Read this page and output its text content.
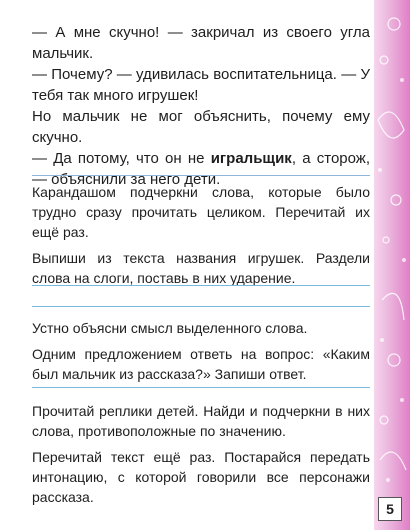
— А мне скучно! — закричал из своего угла мальчик.

— Почему? — удивилась воспитательница. — У тебя так много игрушек!

Но мальчик не мог объяснить, почему ему скучно.

— Да потому, что он не игральщик, а сторож, — объяснили за него дети.

Карандашом подчеркни слова, которые было трудно сразу прочитать целиком. Перечитай их ещё раз.

Выпиши из текста названия игрушек. Раздели слова на слоги, поставь в них ударение.

Устно объясни смысл выделенного слова.

Одним предложением ответь на вопрос: «Каким был мальчик из рассказа?» Запиши ответ.

Прочитай реплики детей. Найди и подчеркни в них слова, противоположные по значению.

Перечитай текст ещё раз. Постарайся передать интонацию, с которой говорили все персонажи рассказа.

5
